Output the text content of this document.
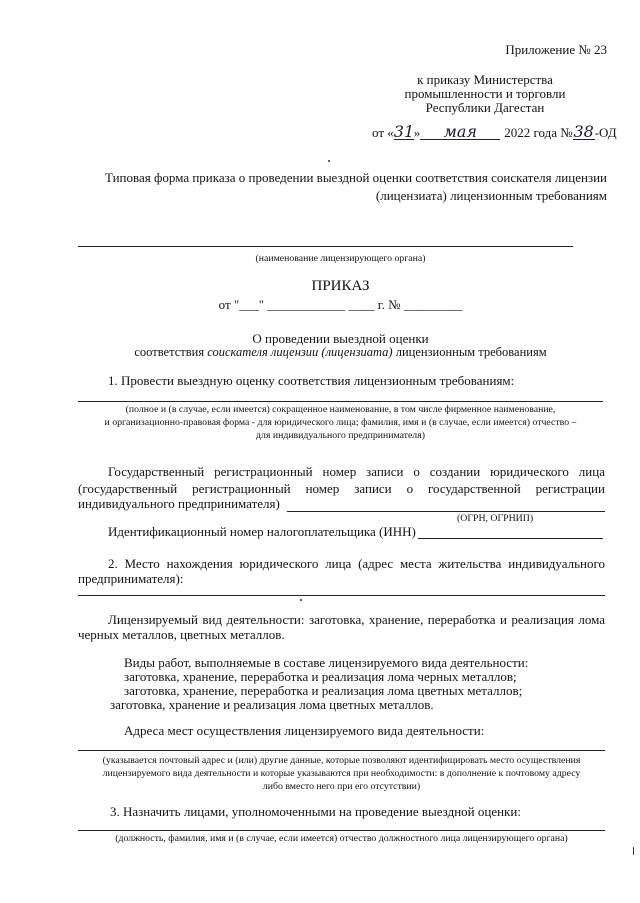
Приложение № 23
к приказу Министерства
промышленности и торговли
Республики Дагестан
от « 31 »	мая	2022 года № 38 -ОД
Типовая форма приказа о проведении выездной оценки соответствия соискателя лицензии
(лицензиата) лицензионным требованиям
(наименование лицензирующего органа)
ПРИКАЗ
от "___" ____________ ____ г. № _________
О проведении выездной оценки
соответствия соискателя лицензии (лицензиата) лицензионным требованиям
1. Провести выездную оценку соответствия лицензионным требованиям:
(полное и (в случае, если имеется) сокращенное наименование, в том числе фирменное наименование,
и организационно-правовая форма - для юридического лица; фамилия, имя и (в случае, если имеется) отчество –
для индивидуального предпринимателя)
Государственный регистрационный номер записи о создании юридического лица
(государственный регистрационный номер записи о государственной регистрации
индивидуального предпринимателя)
(ОГРН, ОГРНИП)
Идентификационный номер налогоплательщика (ИНН)
2. Место нахождения юридического лица (адрес места жительства индивидуального
предпринимателя):
Лицензируемый вид деятельности: заготовка, хранение, переработка и реализация лома
черных металлов, цветных металлов.
Виды работ, выполняемые в составе лицензируемого вида деятельности:
заготовка, хранение, переработка и реализация лома черных металлов;
заготовка, хранение, переработка и реализация лома цветных металлов;
заготовка, хранение и реализация лома цветных металлов.
Адреса мест осуществления лицензируемого вида деятельности:
(указывается почтовый адрес и (или) другие данные, которые позволяют идентифицировать место осуществления
лицензируемого вида деятельности и которые указываются при необходимости: в дополнение к почтовому адресу
либо вместо него при его отсутствии)
3. Назначить лицами, уполномоченными на проведение выездной оценки:
(должность, фамилия, имя и (в случае, если имеется) отчество должностного лица лицензирующего органа)
